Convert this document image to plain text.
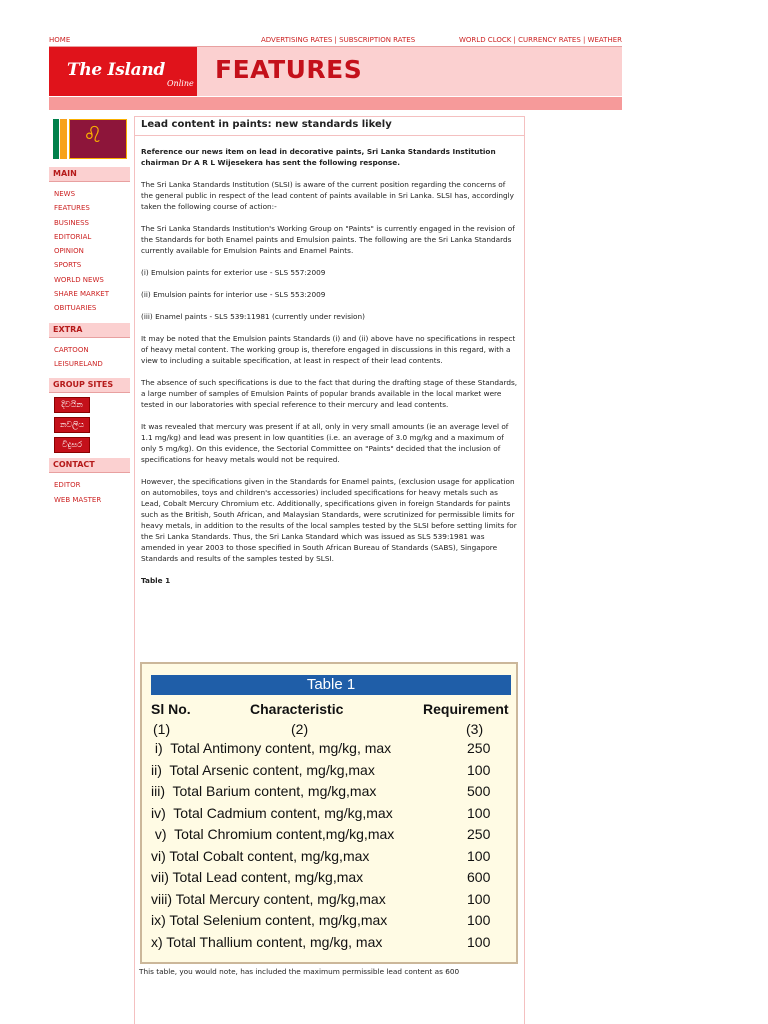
HOME	ADVERTISING RATES | SUBSCRIPTION RATES	WORLD CLOCK | CURRENCY RATES | WEATHER
The Island
Online FEATURES
♌
MAIN
NEWS
FEATURES
BUSINESS
EDITORIAL
OPINION
SPORTS
WORLD NEWS
SHARE MARKET
OBITUARIES
EXTRA
CARTOON
LEISURELAND
GROUP SITES
දිවයින
නවලිය
විදුසර
CONTACT
EDITOR
WEB MASTER
Lead content in paints: new standards likely

Reference our news item on lead in decorative paints, Sri Lanka Standards Institution chairman Dr A R L Wijesekera has sent the following response.

The Sri Lanka Standards Institution (SLSI) is aware of the current position regarding the concerns of the general public in respect of the lead content of paints available in Sri Lanka. SLSI has, accordingly taken the following course of action:-

The Sri Lanka Standards Institution's Working Group on "Paints" is currently engaged in the revision of the Standards for both Enamel paints and Emulsion paints. The following are the Sri Lanka Standards currently available for Emulsion Paints and Enamel Paints.

(i) Emulsion paints for exterior use - SLS 557:2009

(ii) Emulsion paints for interior use - SLS 553:2009

(iii) Enamel paints - SLS 539:11981 (currently under revision)

It may be noted that the Emulsion paints Standards (i) and (ii) above have no specifications in respect of heavy metal content. The working group is, therefore engaged in discussions in this regard, with a view to including a suitable specification, at least in respect of their lead contents.

The absence of such specifications is due to the fact that during the drafting stage of these Standards, a large number of samples of Emulsion Paints of popular brands available in the local market were tested in our laboratories with special reference to their mercury and lead contents.

It was revealed that mercury was present if at all, only in very small amounts (ie an average level of 1.1 mg/kg) and lead was present in low quantities (i.e. an average of 3.0 mg/kg and a maximum of only 5 mg/kg). On this evidence, the Sectorial Committee on "Paints" decided that the inclusion of specifications for heavy metals would not be required.

However, the specifications given in the Standards for Enamel paints, (exclusion usage for application on automobiles, toys and children's accessories) included specifications for heavy metals such as Lead, Cobalt Mercury Chromium etc. Additionally, specifications given in foreign Standards for paints such as the British, South African, and Malaysian Standards, were scrutinized for permissible limits for heavy metals, in addition to the results of the local samples tested by the SLSI before setting limits for the Sri Lanka Standards. Thus, the Sri Lanka Standard which was issued as SLS 539:1981 was amended in year 2003 to those specified in South African Bureau of Standards (SABS), Singapore Standards and results of the samples tested by SLSI.

Table 1

Table 1
Sl No.	Characteristic	Requirement
(1)	(2)	(3)
i)  Total Antimony content, mg/kg, max	250
ii)  Total Arsenic content, mg/kg,max	100
iii)  Total Barium content, mg/kg,max	500
iv)  Total Cadmium content, mg/kg,max	100
v)  Total Chromium content,mg/kg,max	250
vi) Total Cobalt content, mg/kg,max	100
vii) Total Lead content, mg/kg,max	600
viii) Total Mercury content, mg/kg,max	100
ix) Total Selenium content, mg/kg,max	100
x) Total Thallium content, mg/kg, max	100
This table, you would note, has included the maximum permissible lead content as 600
